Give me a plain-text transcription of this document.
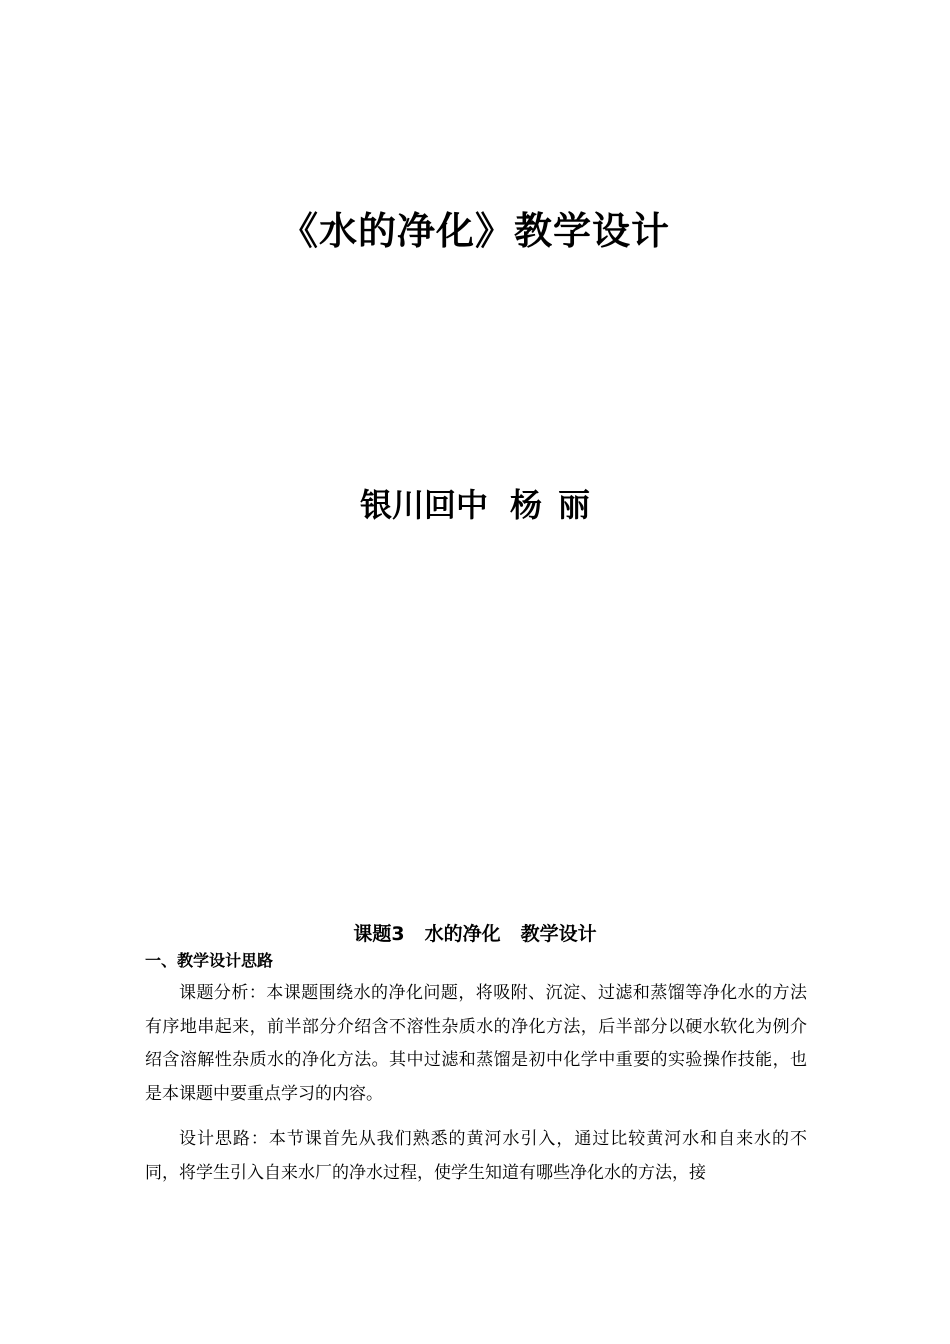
《水的净化》教学设计
银川回中 杨 丽
课题3 水的净化 教学设计
一、教学设计思路

课题分析：本课题围绕水的净化问题，将吸附、沉淀、过滤和蒸馏等净化水的方法有序地串起来，前半部分介绍含不溶性杂质水的净化方法，后半部分以硬水软化为例介绍含溶解性杂质水的净化方法。其中过滤和蒸馏是初中化学中重要的实验操作技能，也是本课题中要重点学习的内容。

设计思路：本节课首先从我们熟悉的黄河水引入，通过比较黄河水和自来水的不同，将学生引入自来水厂的净水过程，使学生知道有哪些净化水的方法，接
